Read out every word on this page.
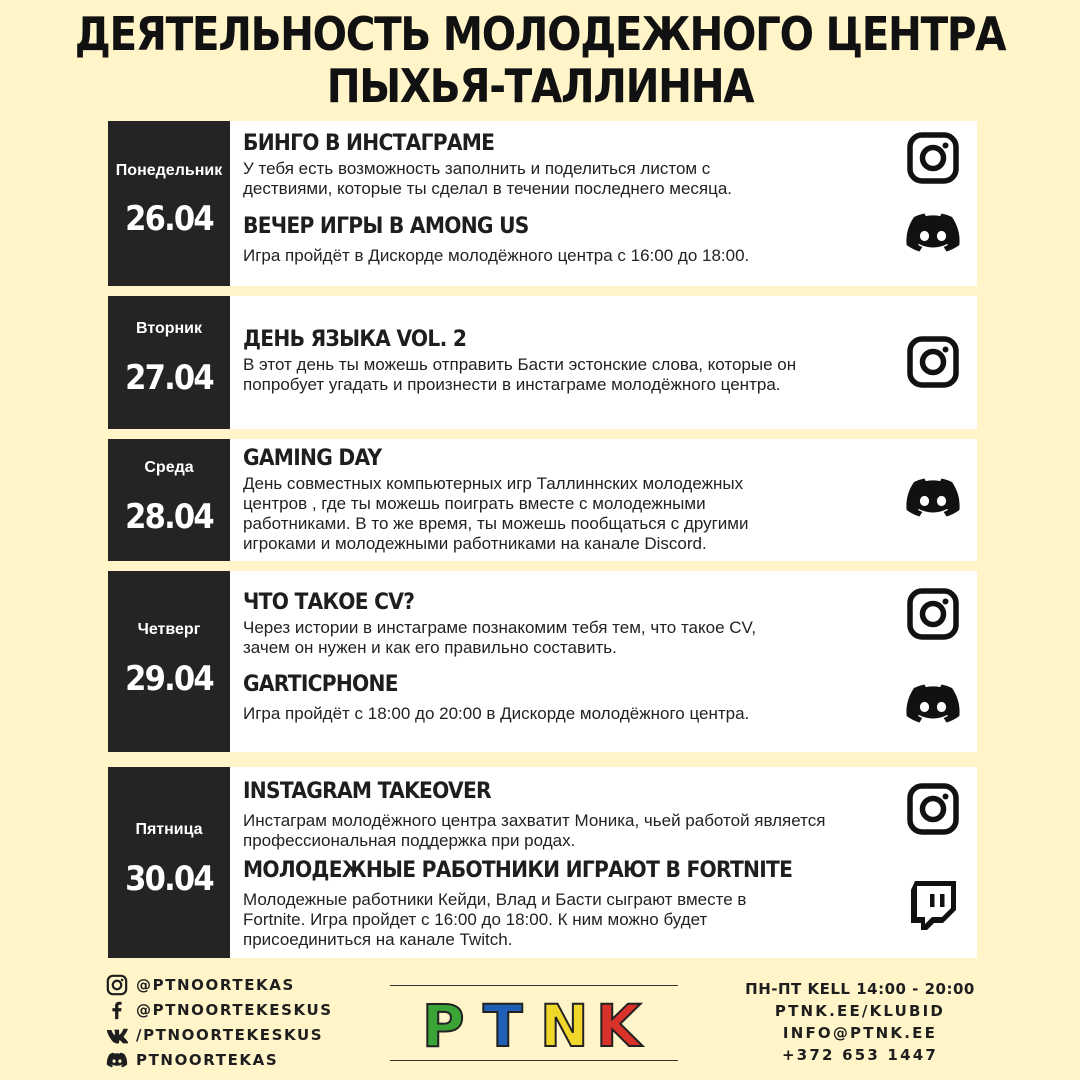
ДЕЯТЕЛЬНОСТЬ МОЛОДЕЖНОГО ЦЕНТРА
ПЫХЬЯ-ТАЛЛИННА
Понедельник
26.04
БИНГО В ИНСТАГРАМЕ
У тебя есть возможность заполнить и поделиться листом с
дествиями, которые ты сделал в течении последнего месяца.
ВЕЧЕР ИГРЫ В AMONG US
Игра пройдёт в Дискорде молодёжного центра с 16:00 до 18:00.
Вторник
27.04
ДЕНЬ ЯЗЫКА VOL. 2
В этот день ты можешь отправить Басти эстонские слова, которые он
попробует угадать и произнести в инстаграме молодёжного центра.
Среда
28.04
GAMING DAY
День совместных компьютерных игр Таллиннских молодежных
центров , где ты можешь поиграть вместе с молодежными
работниками. В то же время, ты можешь пообщаться с другими
игроками и молодежными работниками на канале Discord.
Четверг
29.04
ЧТО ТАКОЕ CV?
Через истории в инстаграме познакомим тебя тем, что такое CV,
зачем он нужен и как его правильно составить.
GARTICPHONE
Игра пройдёт с 18:00 до 20:00 в Дискорде молодёжного центра.
Пятница
30.04
INSTAGRAM TAKEOVER
Инстаграм молодёжного центра захватит Моника, чьей работой является
профессиональная поддержка при родах.
МОЛОДЕЖНЫЕ РАБОТНИКИ ИГРАЮТ В FORTNITE
Молодежные работники Кейди, Влад и Басти сыграют вместе в
Fortnite. Игра пройдет с 16:00 до 18:00. К ним можно будет
присоединиться на канале Twitch.
@PTNOORTEKAS
@PTNOORTEKESKUS
/PTNOORTEKESKUS
PTNOORTEKAS P T N K
ПН-ПТ KELL 14:00 - 20:00
PTNK.EE/KLUBID
INFO@PTNK.EE
+372 653 1447
